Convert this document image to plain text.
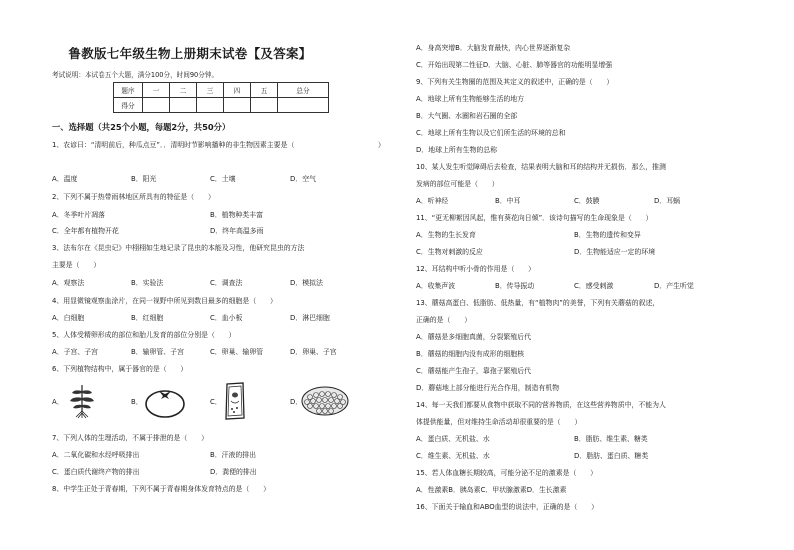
鲁教版七年级生物上册期末试卷【及答案】
考试说明：本试卷五个大题，满分100分，时间90分钟。
题序	一	二	三	四	五	总分
得分						
一、选择题（共25个小题，每题2分，共50分）
1、农谚曰：“清明前后，种瓜点豆”．．清明时节影响播种的非生物因素主要是（	）
A．温度	B．阳光	C．土壤	D．空气
2、下列不属于热带雨林地区所具有的特征是（　　）
A．冬季叶片凋落	B．植物种类丰富
C．全年都有植物开花	D．终年高温多雨
3、法布尔在《昆虫记》中栩栩如生地记录了昆虫的本能及习性，他研究昆虫的方法
主要是（　　）
A．观察法	B．实验法	C．调查法	D．模拟法
4、用显微镜观察血涂片，在同一视野中所见到数目最多的细胞是（　　）
A．白细胞	B．红细胞	C．血小板	D．淋巴细胞
5、人体受精卵形成的部位和胎儿发育的部位分别是（　　）
A．子宫、子宫	B．输卵管、子宫	C．卵巢、输卵管	D．卵巢、子宫
6、下列植物结构中，属于器官的是（　　）
A．	B．	C．	D．
7、下列人体的生理活动，不属于排泄的是（　　）
A．二氧化碳和水经呼吸排出	B．汗液的排出
C．蛋白质代谢终产物的排出	D．粪便的排出
8、中学生正处于青春期，下列不属于青春期身体发育特点的是（　　）
A．身高突增B．大脑发育最快，内心世界逐渐复杂
C．开始出现第二性征D．大脑、心脏、肺等器官的功能明显增强
9、下列有关生物圈的范围及其定义的叙述中，正确的是（　　）
A．地球上所有生物能够生活的地方
B．大气圈、水圈和岩石圈的全部
C．地球上所有生物以及它们所生活的环境的总和
D．地球上所有生物的总称
10、某人发生听觉障碍后去检查，结果表明大脑和耳的结构并无损伤．那么，推测
发病的部位可能是（　　）
A．听神经	B．中耳	C．鼓膜	D．耳蜗
11、“更无柳絮因风起，惟有葵花向日倾”．该诗句描写的生命现象是（　　）
A．生物的生长发育	B．生物的遗传和变异
C．生物对刺激的反应	D．生物能适应一定的环境
12、耳结构中听小骨的作用是（　　）
A．收集声波	B．传导振动	C．感受刺激	D．产生听觉
13、蘑菇高蛋白、低脂肪、低热量，有“植物肉”的美誉，下列有关蘑菇的叙述，
正确的是（　　）
A．蘑菇是多细胞真菌，分裂繁殖后代
B．蘑菇的细胞内没有成形的细胞核
C．蘑菇能产生孢子，靠孢子繁殖后代
D．蘑菇地上部分能进行光合作用，制造有机物
14、每一天我们都要从食物中获取不同的营养物质，在这些营养物质中，不能为人
体提供能量，但对维持生命活动却很重要的是（　　）
A．蛋白质、无机盐、水	B．脂肪、维生素、糖类
C．维生素、无机盐、水	D．脂肪、蛋白质、糖类
15、若人体血糖长期较高，可能分泌不足的激素是（　　）
A．性激素B．胰岛素C．甲状腺激素D．生长激素
16、下面关于输血和ABO血型的说法中，正确的是（　　）
